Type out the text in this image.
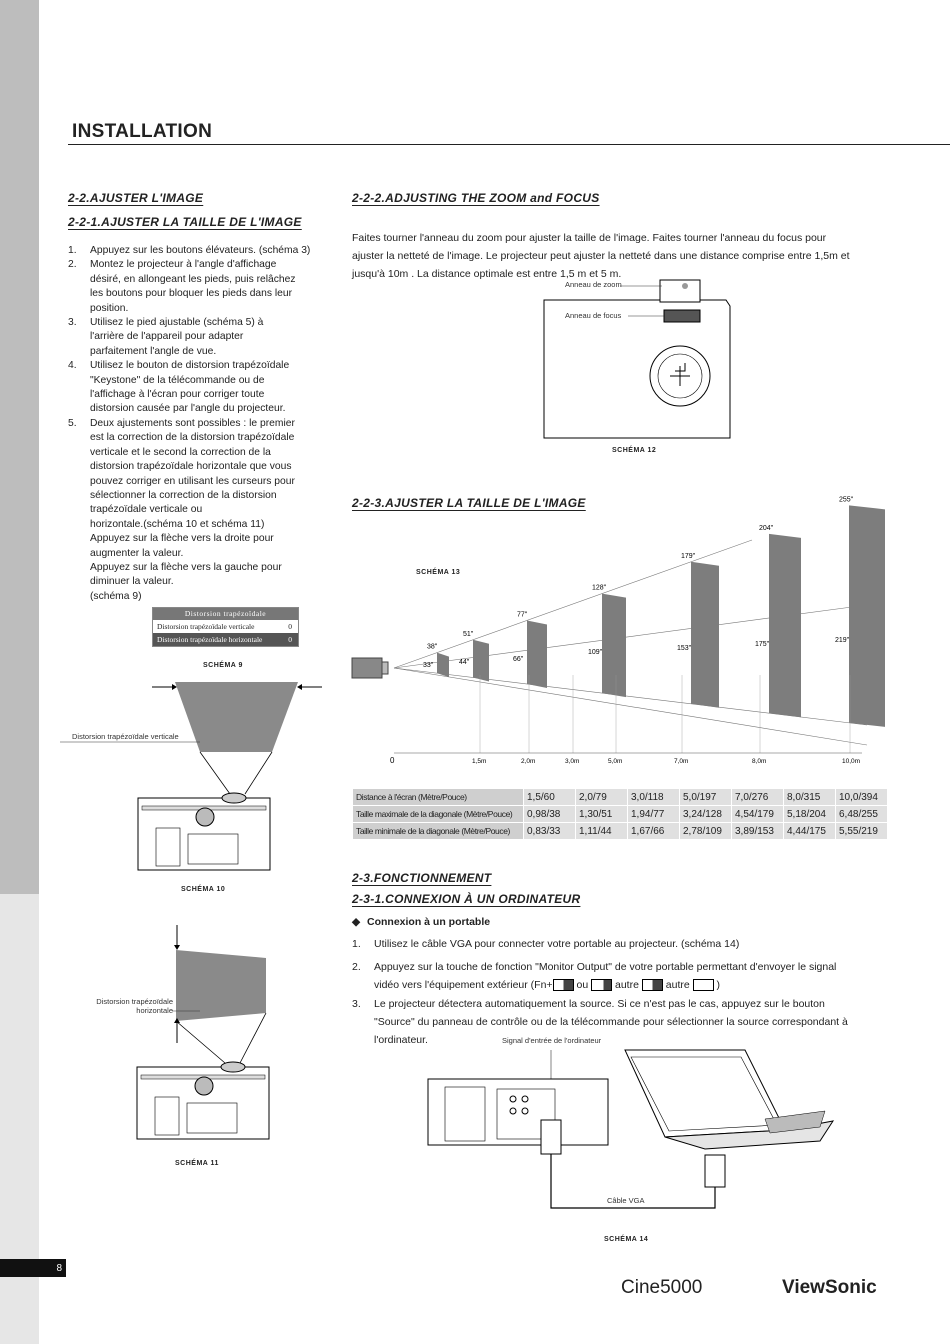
8
INSTALLATION
2-2.AJUSTER L'IMAGE
2-2-1.AJUSTER LA TAILLE DE L'IMAGE
1. Appuyez sur les boutons élévateurs. (schéma 3)
2. Montez le projecteur à l'angle d'affichage
désiré, en allongeant les pieds, puis relâchez
les boutons pour bloquer les pieds dans leur
position.
3. Utilisez le pied ajustable (schéma 5) à
l'arrière de l'appareil pour adapter
parfaitement l'angle de vue.
4. Utilisez le bouton de distorsion trapézoïdale
"Keystone" de la télécommande ou de
l'affichage à l'écran pour corriger toute
distorsion causée par l'angle du projecteur.
5. Deux ajustements sont possibles : le premier
est la correction de la distorsion trapézoïdale
verticale et le second la correction de la
distorsion trapézoïdale horizontale que vous
pouvez corriger en utilisant les curseurs pour
sélectionner la correction de la distorsion
trapézoïdale verticale ou
horizontale.(schéma 10 et schéma 11)
Appuyez sur la flèche vers la droite pour
augmenter la valeur.
Appuyez sur la flèche vers la gauche pour
diminuer la valeur.
(schéma 9)
Distorsion trapézoïdale
Distorsion trapézoïdale verticale	0
Distorsion trapézoïdale horizontale	0
SCHÉMA 9
Distorsion trapézoïdale verticale
SCHÉMA 10
Distorsion trapézoïdale
horizontale
SCHÉMA 11
2-2-2.ADJUSTING THE ZOOM and FOCUS
Faites tourner l'anneau du zoom pour ajuster la taille de l'image. Faites tourner l'anneau du focus pour
ajuster la netteté de l'image. Le projecteur peut ajuster la netteté dans une distance comprise entre 1,5m et
jusqu'à 10m . La distance optimale est entre 1,5 m et 5 m.
Anneau de zoom
Anneau de focus
SCHÉMA 12
2-2-3.AJUSTER LA TAILLE DE L'IMAGE
SCHÉMA 13
38"
33"
51"
44"
77"
66"
128"
109"
179"
153"
204"
175"
255"
219"
0	1,5m	2,0m	3,0m	5,0m	7,0m	8,0m	10,0m
Distance à l'écran (Mètre/Pouce)	1,5/60	2,0/79	3,0/118	5,0/197	7,0/276	8,0/315	10,0/394
Taille maximale de la diagonale (Mètre/Pouce)	0,98/38	1,30/51	1,94/77	3,24/128	4,54/179	5,18/204	6,48/255
Taille minimale de la diagonale (Mètre/Pouce)	0,83/33	1,11/44	1,67/66	2,78/109	3,89/153	4,44/175	5,55/219
2-3.FONCTIONNEMENT
2-3-1.CONNEXION À UN ORDINATEUR
◆ Connexion à un portable
1. Utilisez le câble VGA pour connecter votre portable au projecteur. (schéma 14)
2. Appuyez sur la touche de fonction "Monitor Output" de votre portable permettant d'envoyer le signal
vidéo vers l'équipement extérieur (Fn+ ou  autre  autre  )
3. Le projecteur détectera automatiquement la source. Si ce n'est pas le cas, appuyez sur le bouton
"Source" du panneau de contrôle ou de la télécommande pour sélectionner la source correspondant à
l'ordinateur.	Signal d'entrée de l'ordinateur
Câble VGA
SCHÉMA 14
Cine5000	ViewSonic
